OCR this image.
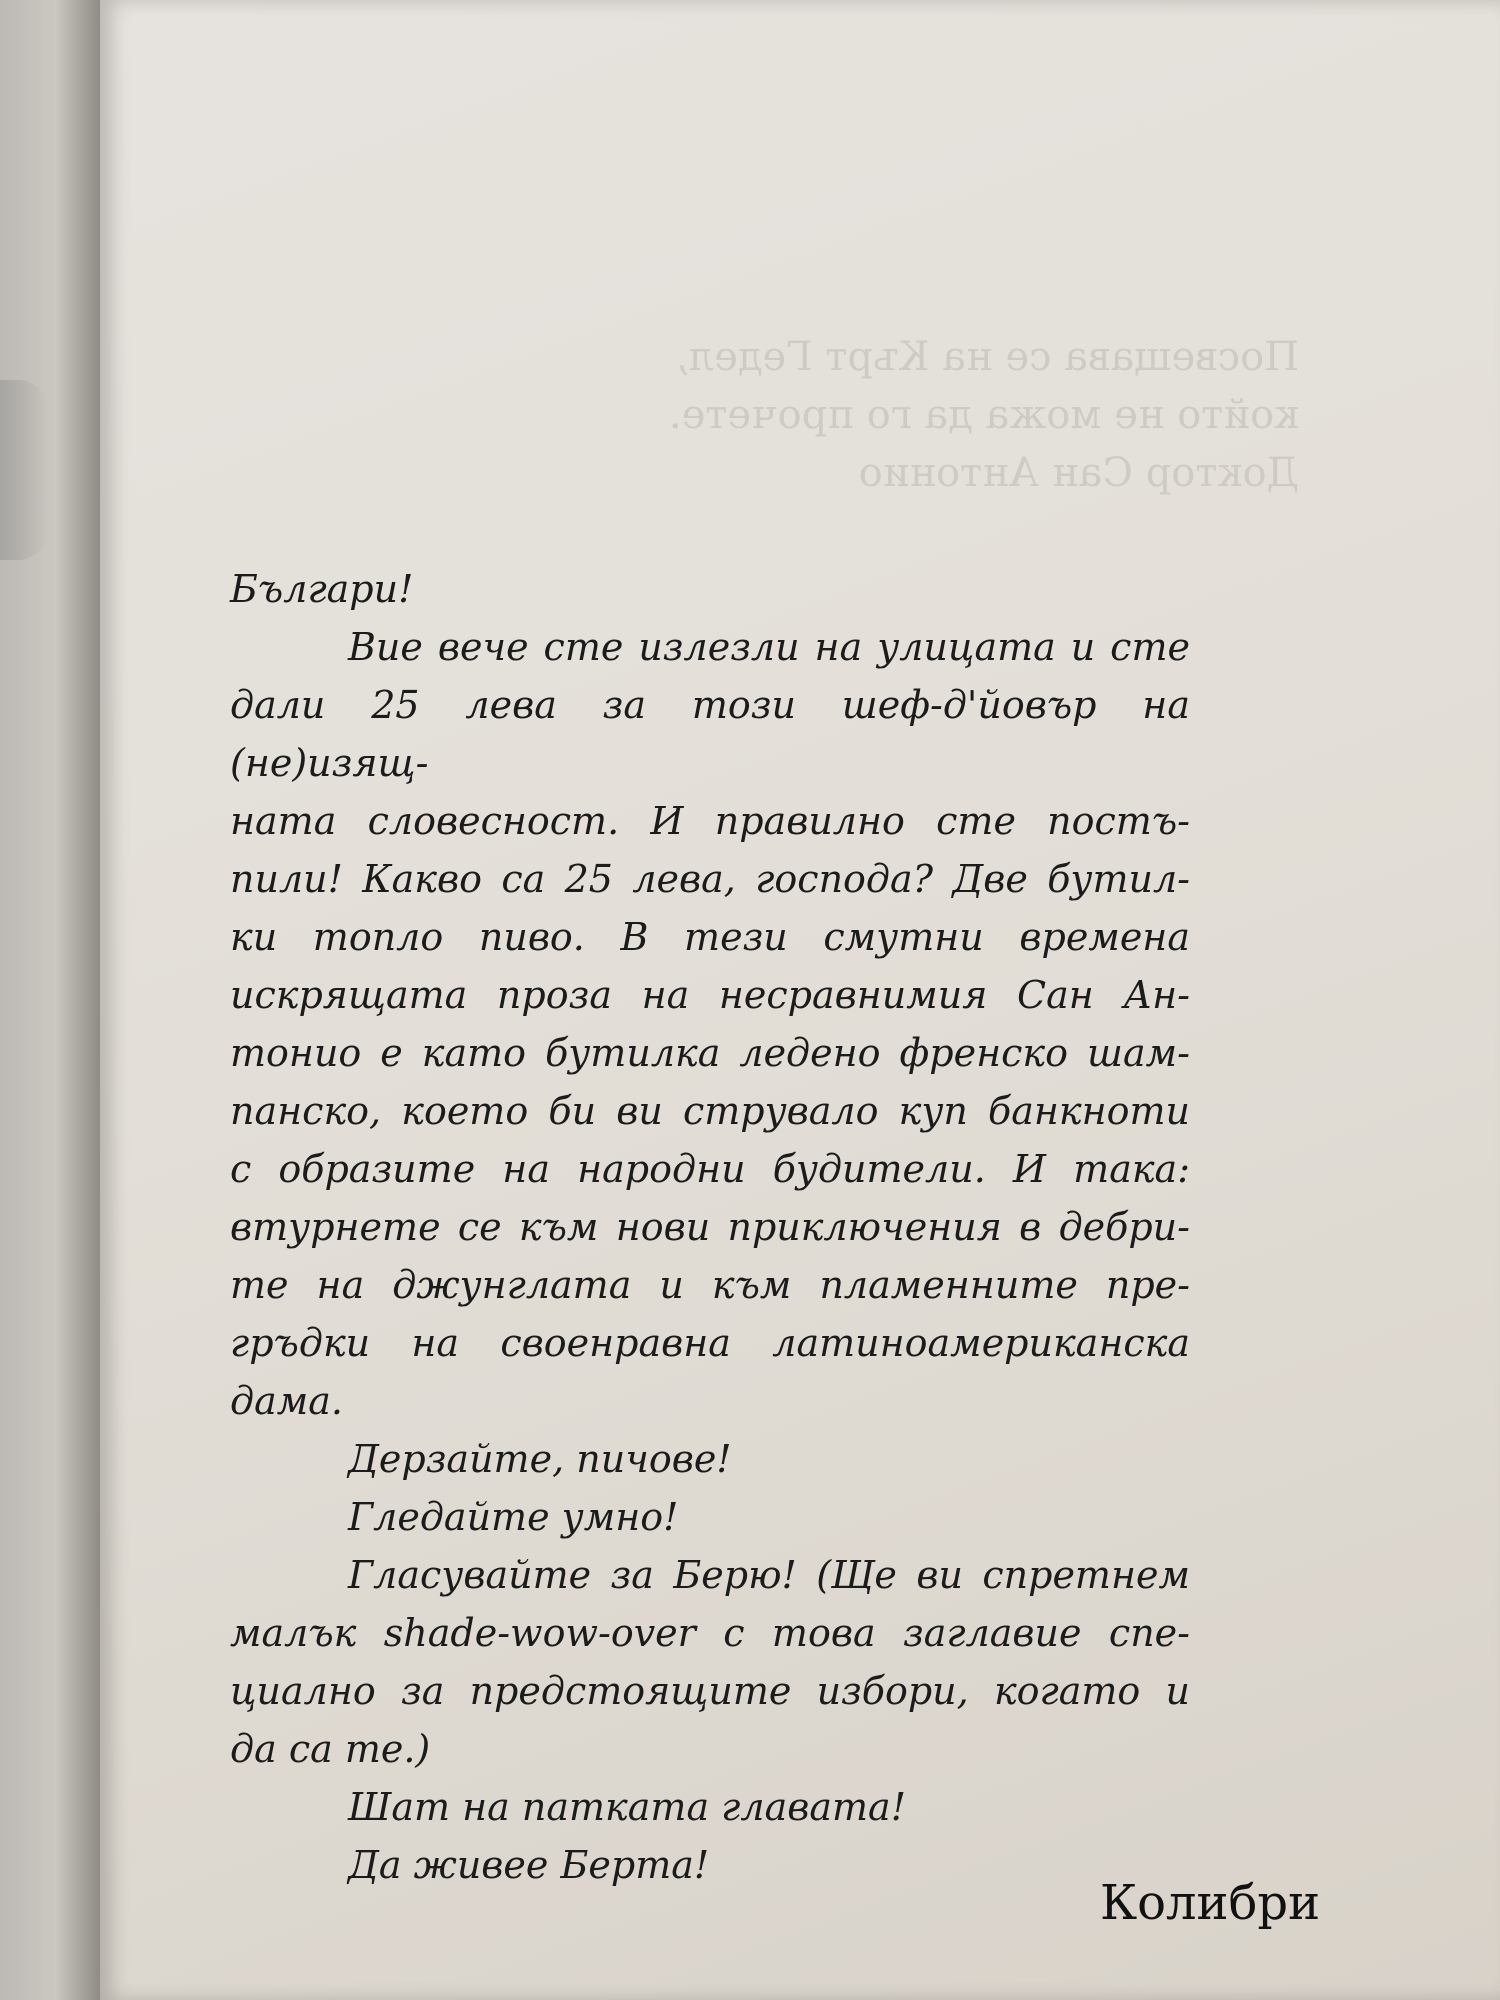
Посвещава се на Кърт Гедел,
който не можа да го прочете.
Доктор Сан Антонио

Българи!
Вие вече сте излезли на улицата и сте
дали 25 лева за този шеф-д'йовър на (не)изящ-
ната словесност. И правилно сте постъ-
пили! Какво са 25 лева, господа? Две бутил-
ки топло пиво. В тези смутни времена
искрящата проза на несравнимия Сан Ан-
тонио е като бутилка ледено френско шам-
панско, което би ви струвало куп банкноти
с образите на народни будители. И така:
втурнете се към нови приключения в дебри-
те на джунглата и към пламенните пре-
гръдки на своенравна латиноамериканска
дама.
Дерзайте, пичове!
Гледайте умно!
Гласувайте за Берю! (Ще ви спретнем
малък shade-wow-over с това заглавие спе-
циално за предстоящите избори, когато и
да са те.)
Шат на патката главата!
Да живее Берта!
Колибри
